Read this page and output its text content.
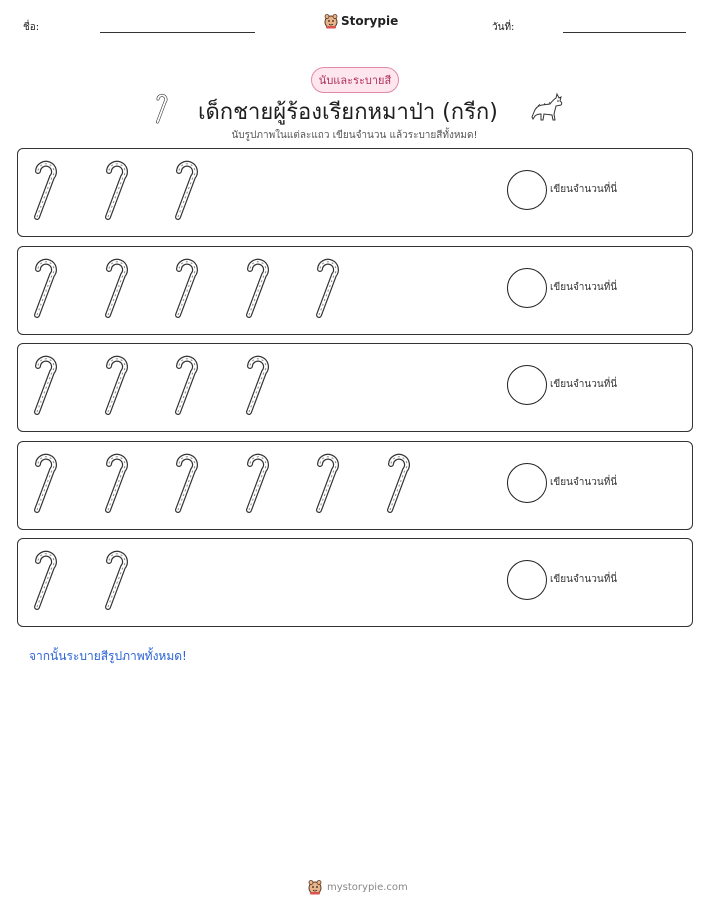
ชื่อ:	Storypie	วันที่:
นับและระบายสี
เด็กชายผู้ร้องเรียกหมาป่า (กรีก)
นับรูปภาพในแต่ละแถว เขียนจำนวน แล้วระบายสีทั้งหมด!
เขียนจำนวนที่นี่
เขียนจำนวนที่นี่
เขียนจำนวนที่นี่
เขียนจำนวนที่นี่
เขียนจำนวนที่นี่
จากนั้นระบายสีรูปภาพทั้งหมด!
mystorypie.com
